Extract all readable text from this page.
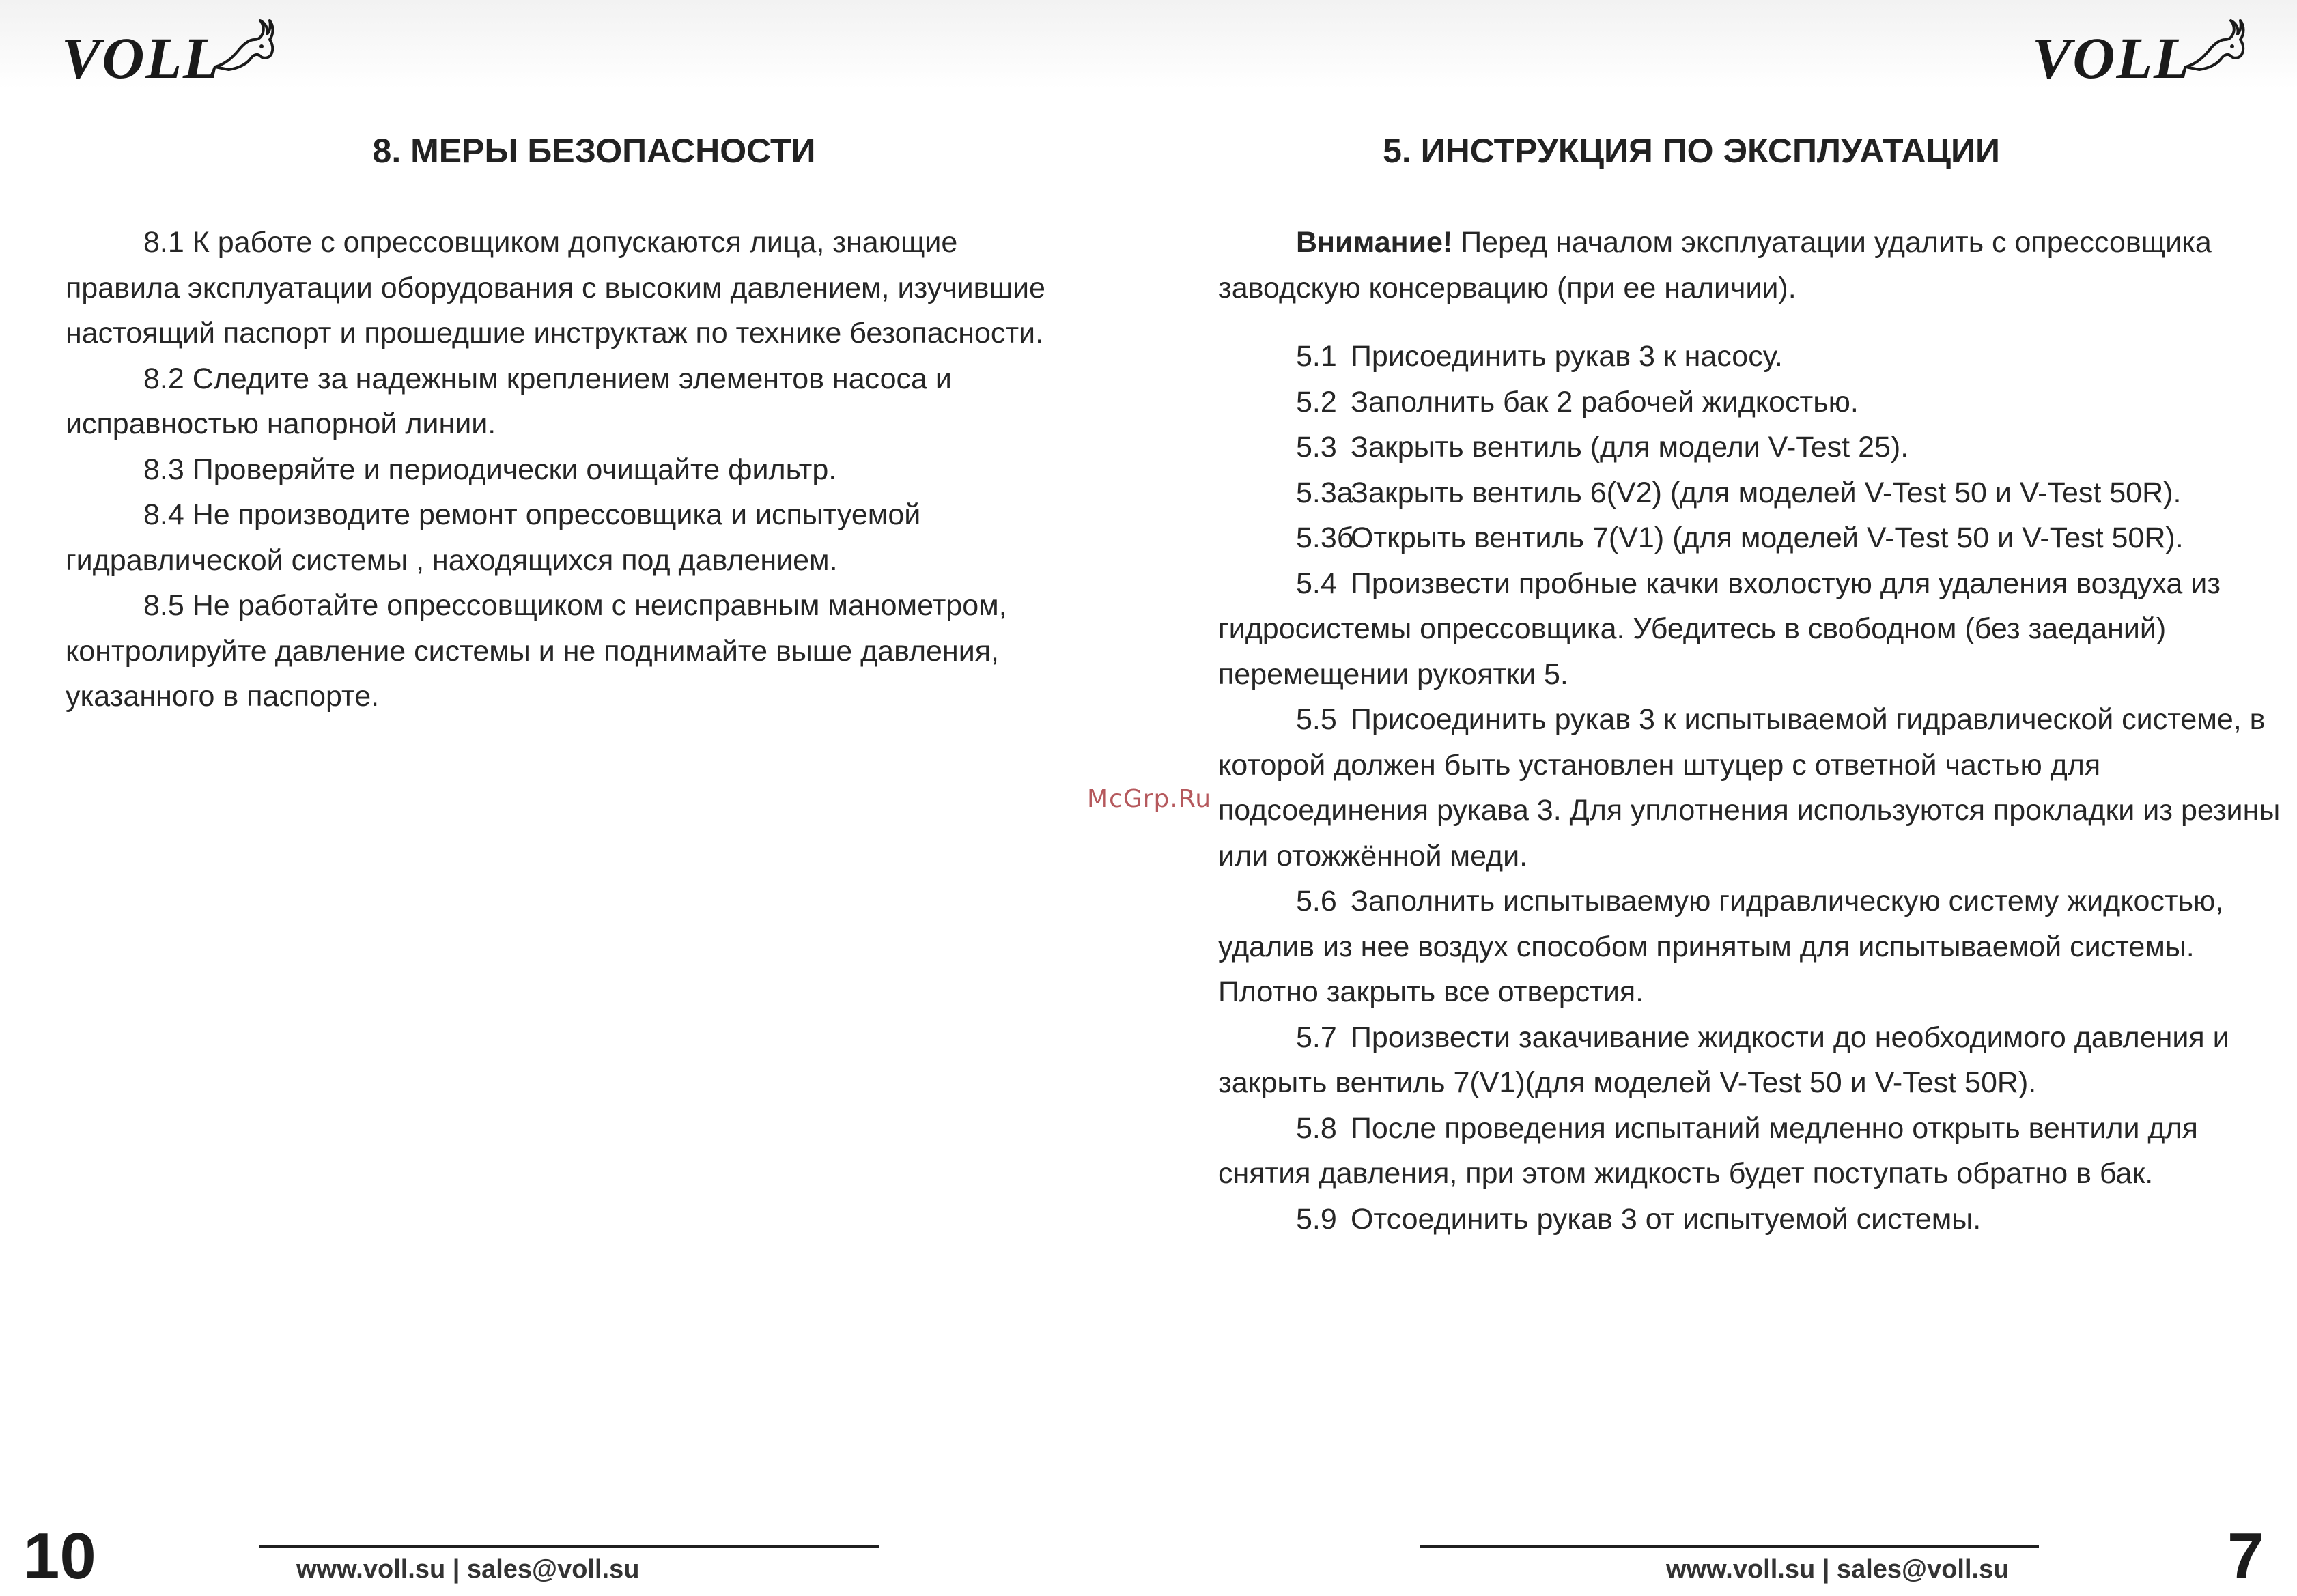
VOLL	VOLL
8. МЕРЫ БЕЗОПАСНОСТИ

8.1 К работе с опрессовщиком допускаются лица, знающие правила эксплуатации оборудования с высоким давлением, изучившие настоящий паспорт и прошедшие инструктаж по технике безопасности.

8.2 Следите за надежным креплением элементов насоса и исправностью напорной линии.

8.3 Проверяйте и периодически очищайте фильтр.

8.4 Не производите ремонт опрессовщика и испытуемой гидравлической системы , находящихся под давлением.

8.5 Не работайте опрессовщиком с неисправным манометром, контролируйте давление системы и не поднимайте выше давления, указанного в паспорте.

www.voll.su | sales@voll.su
10
5. ИНСТРУКЦИЯ ПО ЭКСПЛУАТАЦИИ

Внимание! Перед началом эксплуатации удалить с опрессовщика заводскую консервацию (при ее наличии).

5.1 Присоединить рукав 3 к насосу.

5.2 Заполнить бак 2 рабочей жидкостью.

5.3 Закрыть вентиль (для модели V-Test 25).

5.3аЗакрыть вентиль 6(V2) (для моделей V-Test 50 и V-Test 50R).

5.3бОткрыть вентиль 7(V1) (для моделей V-Test 50 и V-Test 50R).

5.4 Произвести пробные качки вхолостую для удаления воздуха из гидросистемы опрессовщика. Убедитесь в свободном (без заеданий) перемещении рукоятки 5.

5.5 Присоединить рукав 3 к испытываемой гидравлической системе, в которой должен быть установлен штуцер с ответной частью для подсоединения рукава 3. Для уплотнения используются прокладки из резины или отожжённой меди.

5.6 Заполнить испытываемую гидравлическую систему жидкостью, удалив из нее воздух способом принятым для испытываемой системы. Плотно закрыть все отверстия.

5.7 Произвести закачивание жидкости до необходимого давления и закрыть вентиль 7(V1)(для моделей V-Test 50 и V-Test 50R).

5.8 После проведения испытаний медленно открыть вентили для снятия давления, при этом жидкость будет поступать обратно в бак.

5.9 Отсоединить рукав 3 от испытуемой системы.

www.voll.su | sales@voll.su	7
McGrp.Ru
